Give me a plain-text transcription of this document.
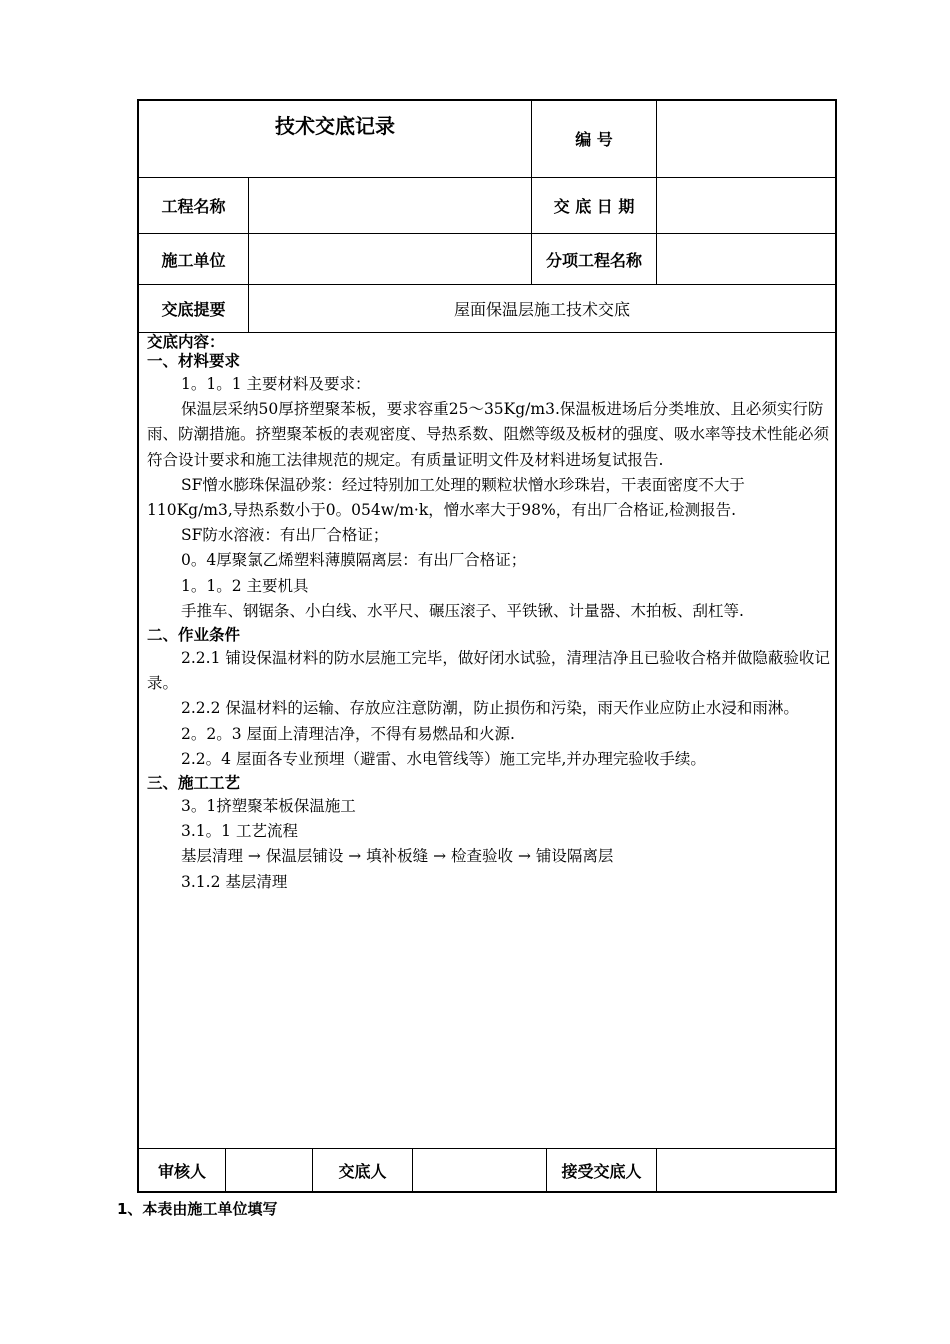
技术交底记录
编 号
工程名称	交 底 日 期
施工单位	分项工程名称
交底提要	屋面保温层施工技术交底

交底内容：

一、材料要求

1。1。1 主要材料及要求：

保温层采纳50厚挤塑聚苯板，要求容重25～35Kg/m3.保温板进场后分类堆放、且必须实行防雨、防潮措施。挤塑聚苯板的表观密度、导热系数、阻燃等级及板材的强度、吸水率等技术性能必须符合设计要求和施工法律规范的规定。有质量证明文件及材料进场复试报告.

SF憎水膨珠保温砂浆：经过特别加工处理的颗粒状憎水珍珠岩，干表面密度不大于110Kg/m3,导热系数小于0。054w/m·k，憎水率大于98%，有出厂合格证,检测报告.

SF防水溶液：有出厂合格证；

0。4厚聚氯乙烯塑料薄膜隔离层：有出厂合格证；

1。1。2 主要机具

手推车、钢锯条、小白线、水平尺、碾压滚子、平铁锹、计量器、木拍板、刮杠等.

二、作业条件

2.2.1 铺设保温材料的防水层施工完毕，做好闭水试验，清理洁净且已验收合格并做隐蔽验收记录。

2.2.2 保温材料的运输、存放应注意防潮，防止损伤和污染，雨天作业应防止水浸和雨淋。

2。2。3 屋面上清理洁净，不得有易燃品和火源.

2.2。4 屋面各专业预埋（避雷、水电管线等）施工完毕,并办理完验收手续。

三、施工工艺

3。1挤塑聚苯板保温施工

3.1。1 工艺流程

基层清理 → 保温层铺设 → 填补板缝 → 检查验收 → 铺设隔离层

3.1.2 基层清理

审核人	交底人	接受交底人
1、本表由施工单位填写
